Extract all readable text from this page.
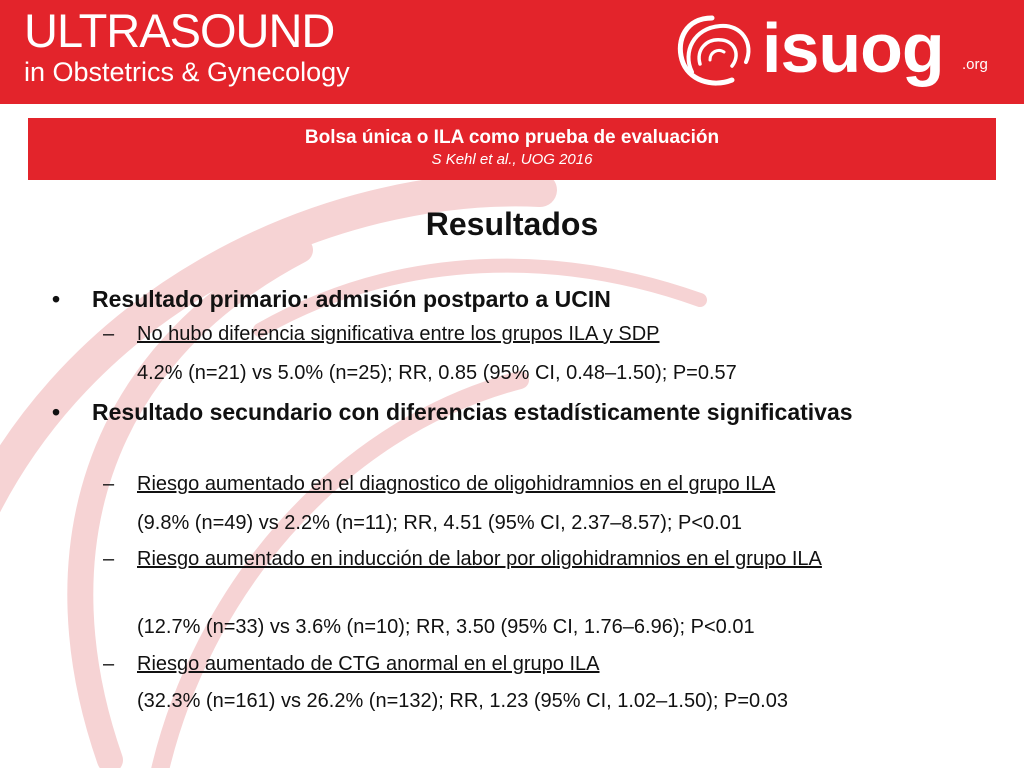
ULTRASOUND
in Obstetrics & Gynecology	isuog .org
Bolsa única o ILA como prueba de evaluación
S Kehl et al., UOG 2016
Resultados
• Resultado primario: admisión postparto a UCIN
– No hubo diferencia significativa entre los grupos ILA y SDP
4.2% (n=21) vs 5.0% (n=25); RR, 0.85 (95% CI, 0.48–1.50); P=0.57
• Resultado secundario con diferencias estadísticamente significativas
– Riesgo aumentado en el diagnostico de oligohidramnios en el grupo ILA
(9.8% (n=49) vs 2.2% (n=11); RR, 4.51 (95% CI, 2.37–8.57); P<0.01
– Riesgo aumentado en inducción de labor por oligohidramnios en el grupo ILA
(12.7% (n=33) vs 3.6% (n=10); RR, 3.50 (95% CI, 1.76–6.96); P<0.01
– Riesgo aumentado de CTG anormal en el grupo ILA
(32.3% (n=161) vs 26.2% (n=132); RR, 1.23 (95% CI, 1.02–1.50); P=0.03
